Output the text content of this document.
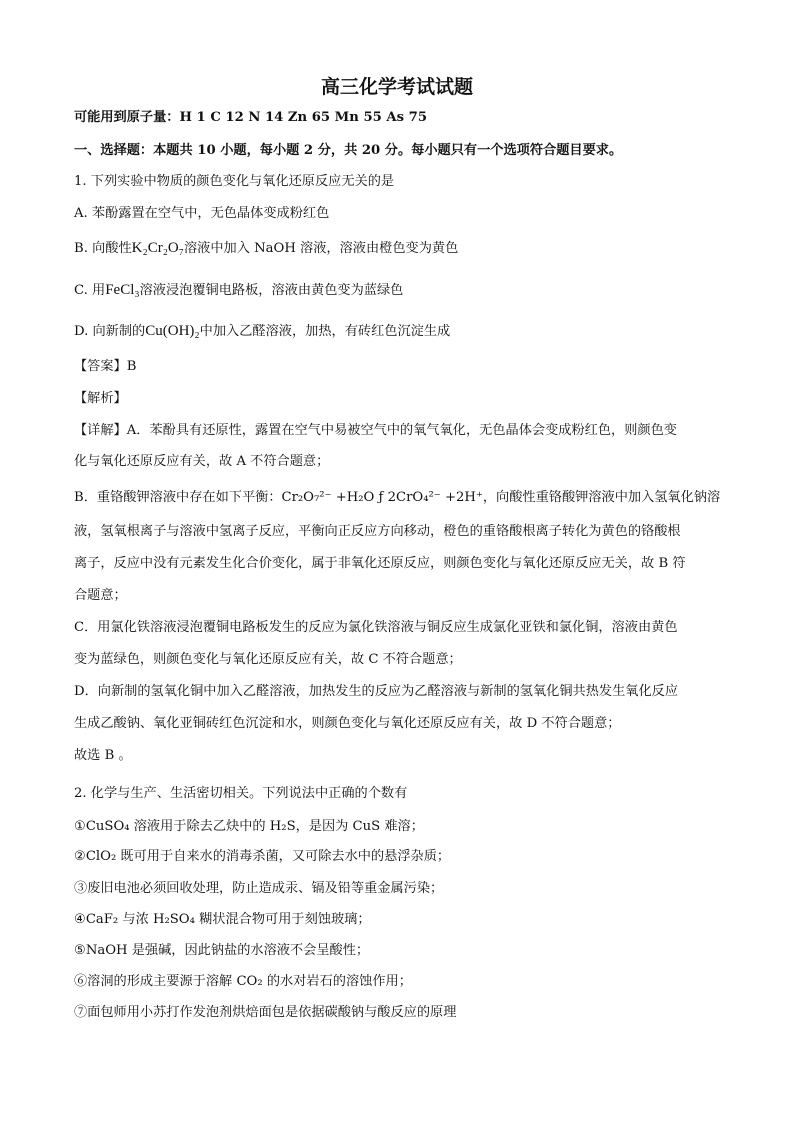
高三化学考试试题
可能用到原子量：H 1 C 12 N 14 Zn 65 Mn 55 As 75
一、选择题：本题共 10 小题，每小题 2 分，共 20 分。每小题只有一个选项符合题目要求。
1. 下列实验中物质的颜色变化与氧化还原反应无关的是
A. 苯酚露置在空气中，无色晶体变成粉红色
B. 向酸性K₂Cr₂O₇溶液中加入 NaOH 溶液，溶液由橙色变为黄色
C. 用FeCl₃溶液浸泡覆铜电路板，溶液由黄色变为蓝绿色
D. 向新制的Cu(OH)₂中加入乙醛溶液，加热，有砖红色沉淀生成
【答案】B
【解析】
【详解】A．苯酚具有还原性，露置在空气中易被空气中的氧气氧化，无色晶体会变成粉红色，则颜色变
化与氧化还原反应有关，故 A 不符合题意；
B．重铬酸钾溶液中存在如下平衡：Cr₂O₇²⁻ +H₂O ƒ 2CrO₄²⁻ +2H⁺，向酸性重铬酸钾溶液中加入氢氧化钠溶
液，氢氧根离子与溶液中氢离子反应，平衡向正反应方向移动，橙色的重铬酸根离子转化为黄色的铬酸根
离子，反应中没有元素发生化合价变化，属于非氧化还原反应，则颜色变化与氧化还原反应无关，故 B 符
合题意；
C．用氯化铁溶液浸泡覆铜电路板发生的反应为氯化铁溶液与铜反应生成氯化亚铁和氯化铜，溶液由黄色
变为蓝绿色，则颜色变化与氧化还原反应有关，故 C 不符合题意；
D．向新制的氢氧化铜中加入乙醛溶液，加热发生的反应为乙醛溶液与新制的氢氧化铜共热发生氧化反应
生成乙酸钠、氧化亚铜砖红色沉淀和水，则颜色变化与氧化还原反应有关，故 D 不符合题意；
故选 B 。
2. 化学与生产、生活密切相关。下列说法中正确的个数有
①CuSO₄ 溶液用于除去乙炔中的 H₂S，是因为 CuS 难溶；
②ClO₂ 既可用于自来水的消毒杀菌，又可除去水中的悬浮杂质；
③废旧电池必须回收处理，防止造成汞、镉及铅等重金属污染；
④CaF₂ 与浓 H₂SO₄ 糊状混合物可用于刻蚀玻璃；
⑤NaOH 是强碱，因此钠盐的水溶液不会呈酸性；
⑥溶洞的形成主要源于溶解 CO₂ 的水对岩石的溶蚀作用；
⑦面包师用小苏打作发泡剂烘焙面包是依据碳酸钠与酸反应的原理
